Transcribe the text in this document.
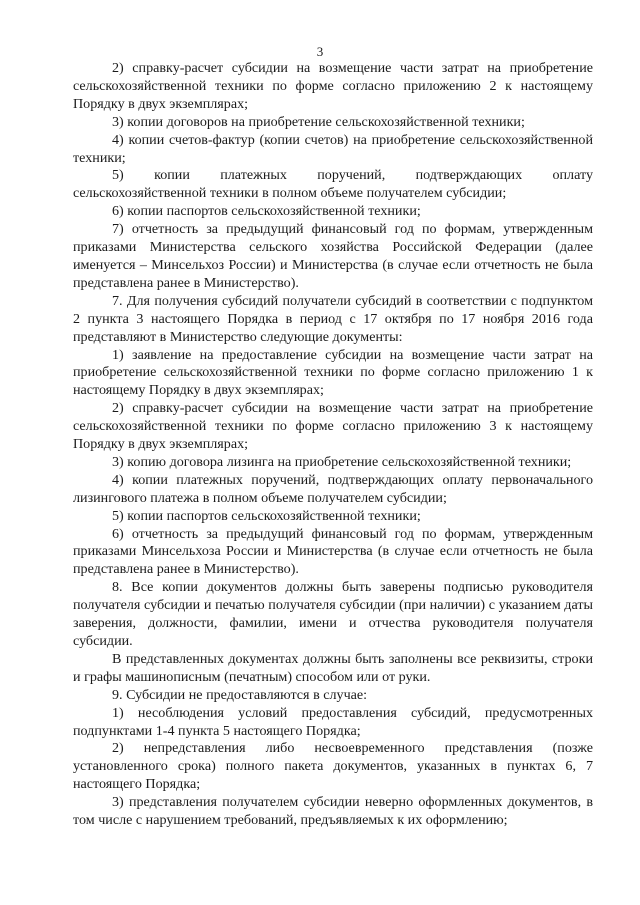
3

2) справку-расчет субсидии на возмещение части затрат на приобретение сельскохозяйственной техники по форме согласно приложению 2 к настоящему Порядку в двух экземплярах;

3) копии договоров на приобретение сельскохозяйственной техники;

4) копии счетов-фактур (копии счетов) на приобретение сельскохозяйственной техники;

5) копии платежных поручений, подтверждающих оплату сельскохозяйственной техники в полном объеме получателем субсидии;

6) копии паспортов сельскохозяйственной техники;

7) отчетность за предыдущий финансовый год по формам, утвержденным приказами Министерства сельского хозяйства Российской Федерации (далее именуется – Минсельхоз России) и Министерства (в случае если отчетность не была представлена ранее в Министерство).

7. Для получения субсидий получатели субсидий в соответствии с подпунктом 2 пункта 3 настоящего Порядка в период с 17 октября по 17 ноября 2016 года представляют в Министерство следующие документы:

1) заявление на предоставление субсидии на возмещение части затрат на приобретение сельскохозяйственной техники по форме согласно приложению 1 к настоящему Порядку в двух экземплярах;

2) справку-расчет субсидии на возмещение части затрат на приобретение сельскохозяйственной техники по форме согласно приложению 3 к настоящему Порядку в двух экземплярах;

3) копию договора лизинга на приобретение сельскохозяйственной техники;

4) копии платежных поручений, подтверждающих оплату первоначального лизингового платежа в полном объеме получателем субсидии;

5) копии паспортов сельскохозяйственной техники;

6) отчетность за предыдущий финансовый год по формам, утвержденным приказами Минсельхоза России и Министерства (в случае если отчетность не была представлена ранее в Министерство).

8. Все копии документов должны быть заверены подписью руководителя получателя субсидии и печатью получателя субсидии (при наличии) с указанием даты заверения, должности, фамилии, имени и отчества руководителя получателя субсидии.

В представленных документах должны быть заполнены все реквизиты, строки и графы машинописным (печатным) способом или от руки.

9. Субсидии не предоставляются в случае:

1) несоблюдения условий предоставления субсидий, предусмотренных подпунктами 1-4 пункта 5 настоящего Порядка;

2) непредставления либо несвоевременного представления (позже установленного срока) полного пакета документов, указанных в пунктах 6, 7 настоящего Порядка;

3) представления получателем субсидии неверно оформленных документов, в том числе с нарушением требований, предъявляемых к их оформлению;
